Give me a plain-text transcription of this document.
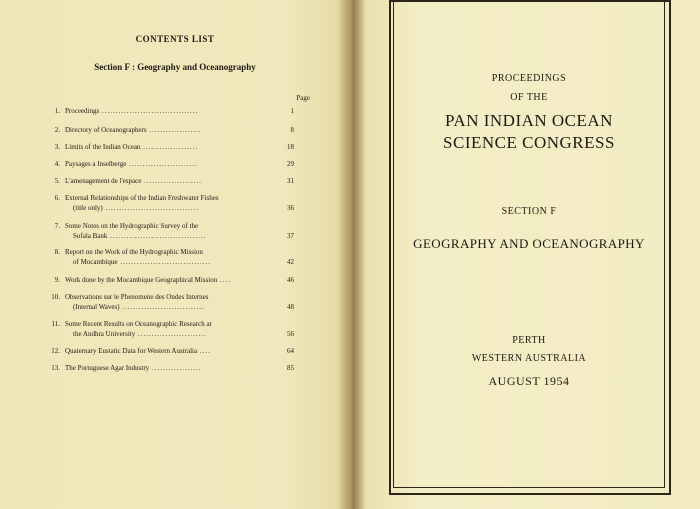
CONTENTS LIST
Section F : Geography and Oceanography
Page
1. Proceedings ...................................	1
2. Directory of Oceanographers ...................	8
3. Limits of the Indian Ocean ....................	18
4. Paysages a Inselberge .........................	29
5. L'amenagement de l'espace .....................	31
6. External Relationships of the Indian Freshwater Fishes
(title only) ..................................	36
7. Some Notes on the Hydrographic Survey of the
Sofala Bank ...................................	37
8. Report on the Work of the Hydrographic Mission
of Mocambique .................................	42
9. Work done by the Mocambique Geographical Mission ....	46
10. Observations sur le Phenomene des Ondes Internes
(Internal Waves) ..............................	48
11. Some Recent Results on Oceanographic Research at
the Andhra University .........................	56
12. Quaternary Eustatic Data for Western Australia ....	64
13. The Portuguese Agar Industry ..................	85
PROCEEDINGS
OF THE
PAN INDIAN OCEAN
SCIENCE CONGRESS
SECTION F
GEOGRAPHY AND OCEANOGRAPHY
PERTH
WESTERN AUSTRALIA
AUGUST 1954
